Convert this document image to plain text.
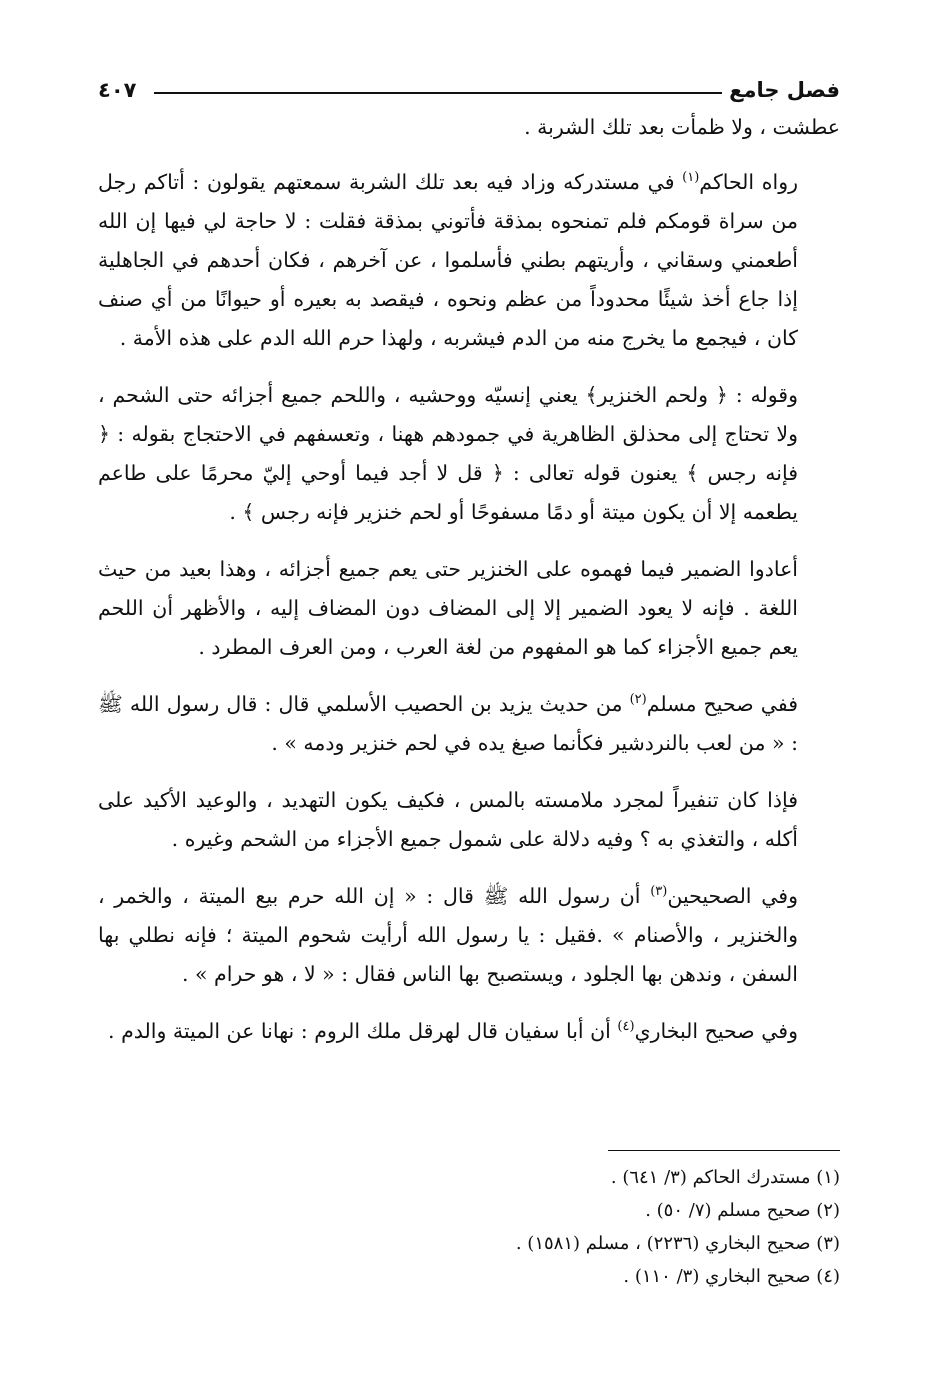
فصل جامع
٤٠٧

عطشت ، ولا ظمأت بعد تلك الشربة .

رواه الحاكم$^{(١)}$ في مستدركه وزاد فيه بعد تلك الشربة سمعتهم يقولون : أتاكم رجل من سراة قومكم فلم تمنحوه بمذقة فأتوني بمذقة فقلت : لا حاجة لي فيها إن الله أطعمني وسقاني ، وأريتهم بطني فأسلموا ، عن آخرهم ، فكان أحدهم في الجاهلية إذا جاع أخذ شيئًا محدوداً من عظم ونحوه ، فيقصد به بعيره أو حيوانًا من أي صنف كان ، فيجمع ما يخرج منه من الدم فيشربه ، ولهذا حرم الله الدم على هذه الأمة .

وقوله : ﴿ ولحم الخنزير﴾ يعني إنسيّه ووحشيه ، واللحم جميع أجزائه حتى الشحم ، ولا تحتاج إلى محذلق الظاهرية في جمودهم ههنا ، وتعسفهم في الاحتجاج بقوله : ﴿ فإنه رجس ﴾ يعنون قوله تعالى : ﴿ قل لا أجد فيما أوحي إليّ محرمًا على طاعم يطعمه إلا أن يكون ميتة أو دمًا مسفوحًا أو لحم خنزير فإنه رجس ﴾ .

أعادوا الضمير فيما فهموه على الخنزير حتى يعم جميع أجزائه ، وهذا بعيد من حيث اللغة . فإنه لا يعود الضمير إلا إلى المضاف دون المضاف إليه ، والأظهر أن اللحم يعم جميع الأجزاء كما هو المفهوم من لغة العرب ، ومن العرف المطرد .

ففي صحيح مسلم$^{(٢)}$ من حديث يزيد بن الحصيب الأسلمي قال : قال رسول الله ﷺ : « من لعب بالنردشير فكأنما صبغ يده في لحم خنزير ودمه » .

فإذا كان تنفيراً لمجرد ملامسته بالمس ، فكيف يكون التهديد ، والوعيد الأكيد على أكله ، والتغذي به ؟ وفيه دلالة على شمول جميع الأجزاء من الشحم وغيره .

وفي الصحيحين$^{(٣)}$ أن رسول الله ﷺ قال : « إن الله حرم بيع الميتة ، والخمر ، والخنزير ، والأصنام » .فقيل : يا رسول الله أرأيت شحوم الميتة ؛ فإنه نطلي بها السفن ، وندهن بها الجلود ، ويستصبح بها الناس فقال : « لا ، هو حرام » .

وفي صحيح البخاري$^{(٤)}$ أن أبا سفيان قال لهرقل ملك الروم : نهانا عن الميتة والدم .

(١) مستدرك الحاكم (٣/ ٦٤١) .
(٢) صحيح مسلم (٧/ ٥٠) .
(٣) صحيح البخاري (٢٢٣٦) ، مسلم (١٥٨١) .
(٤) صحيح البخاري (٣/ ١١٠) .
